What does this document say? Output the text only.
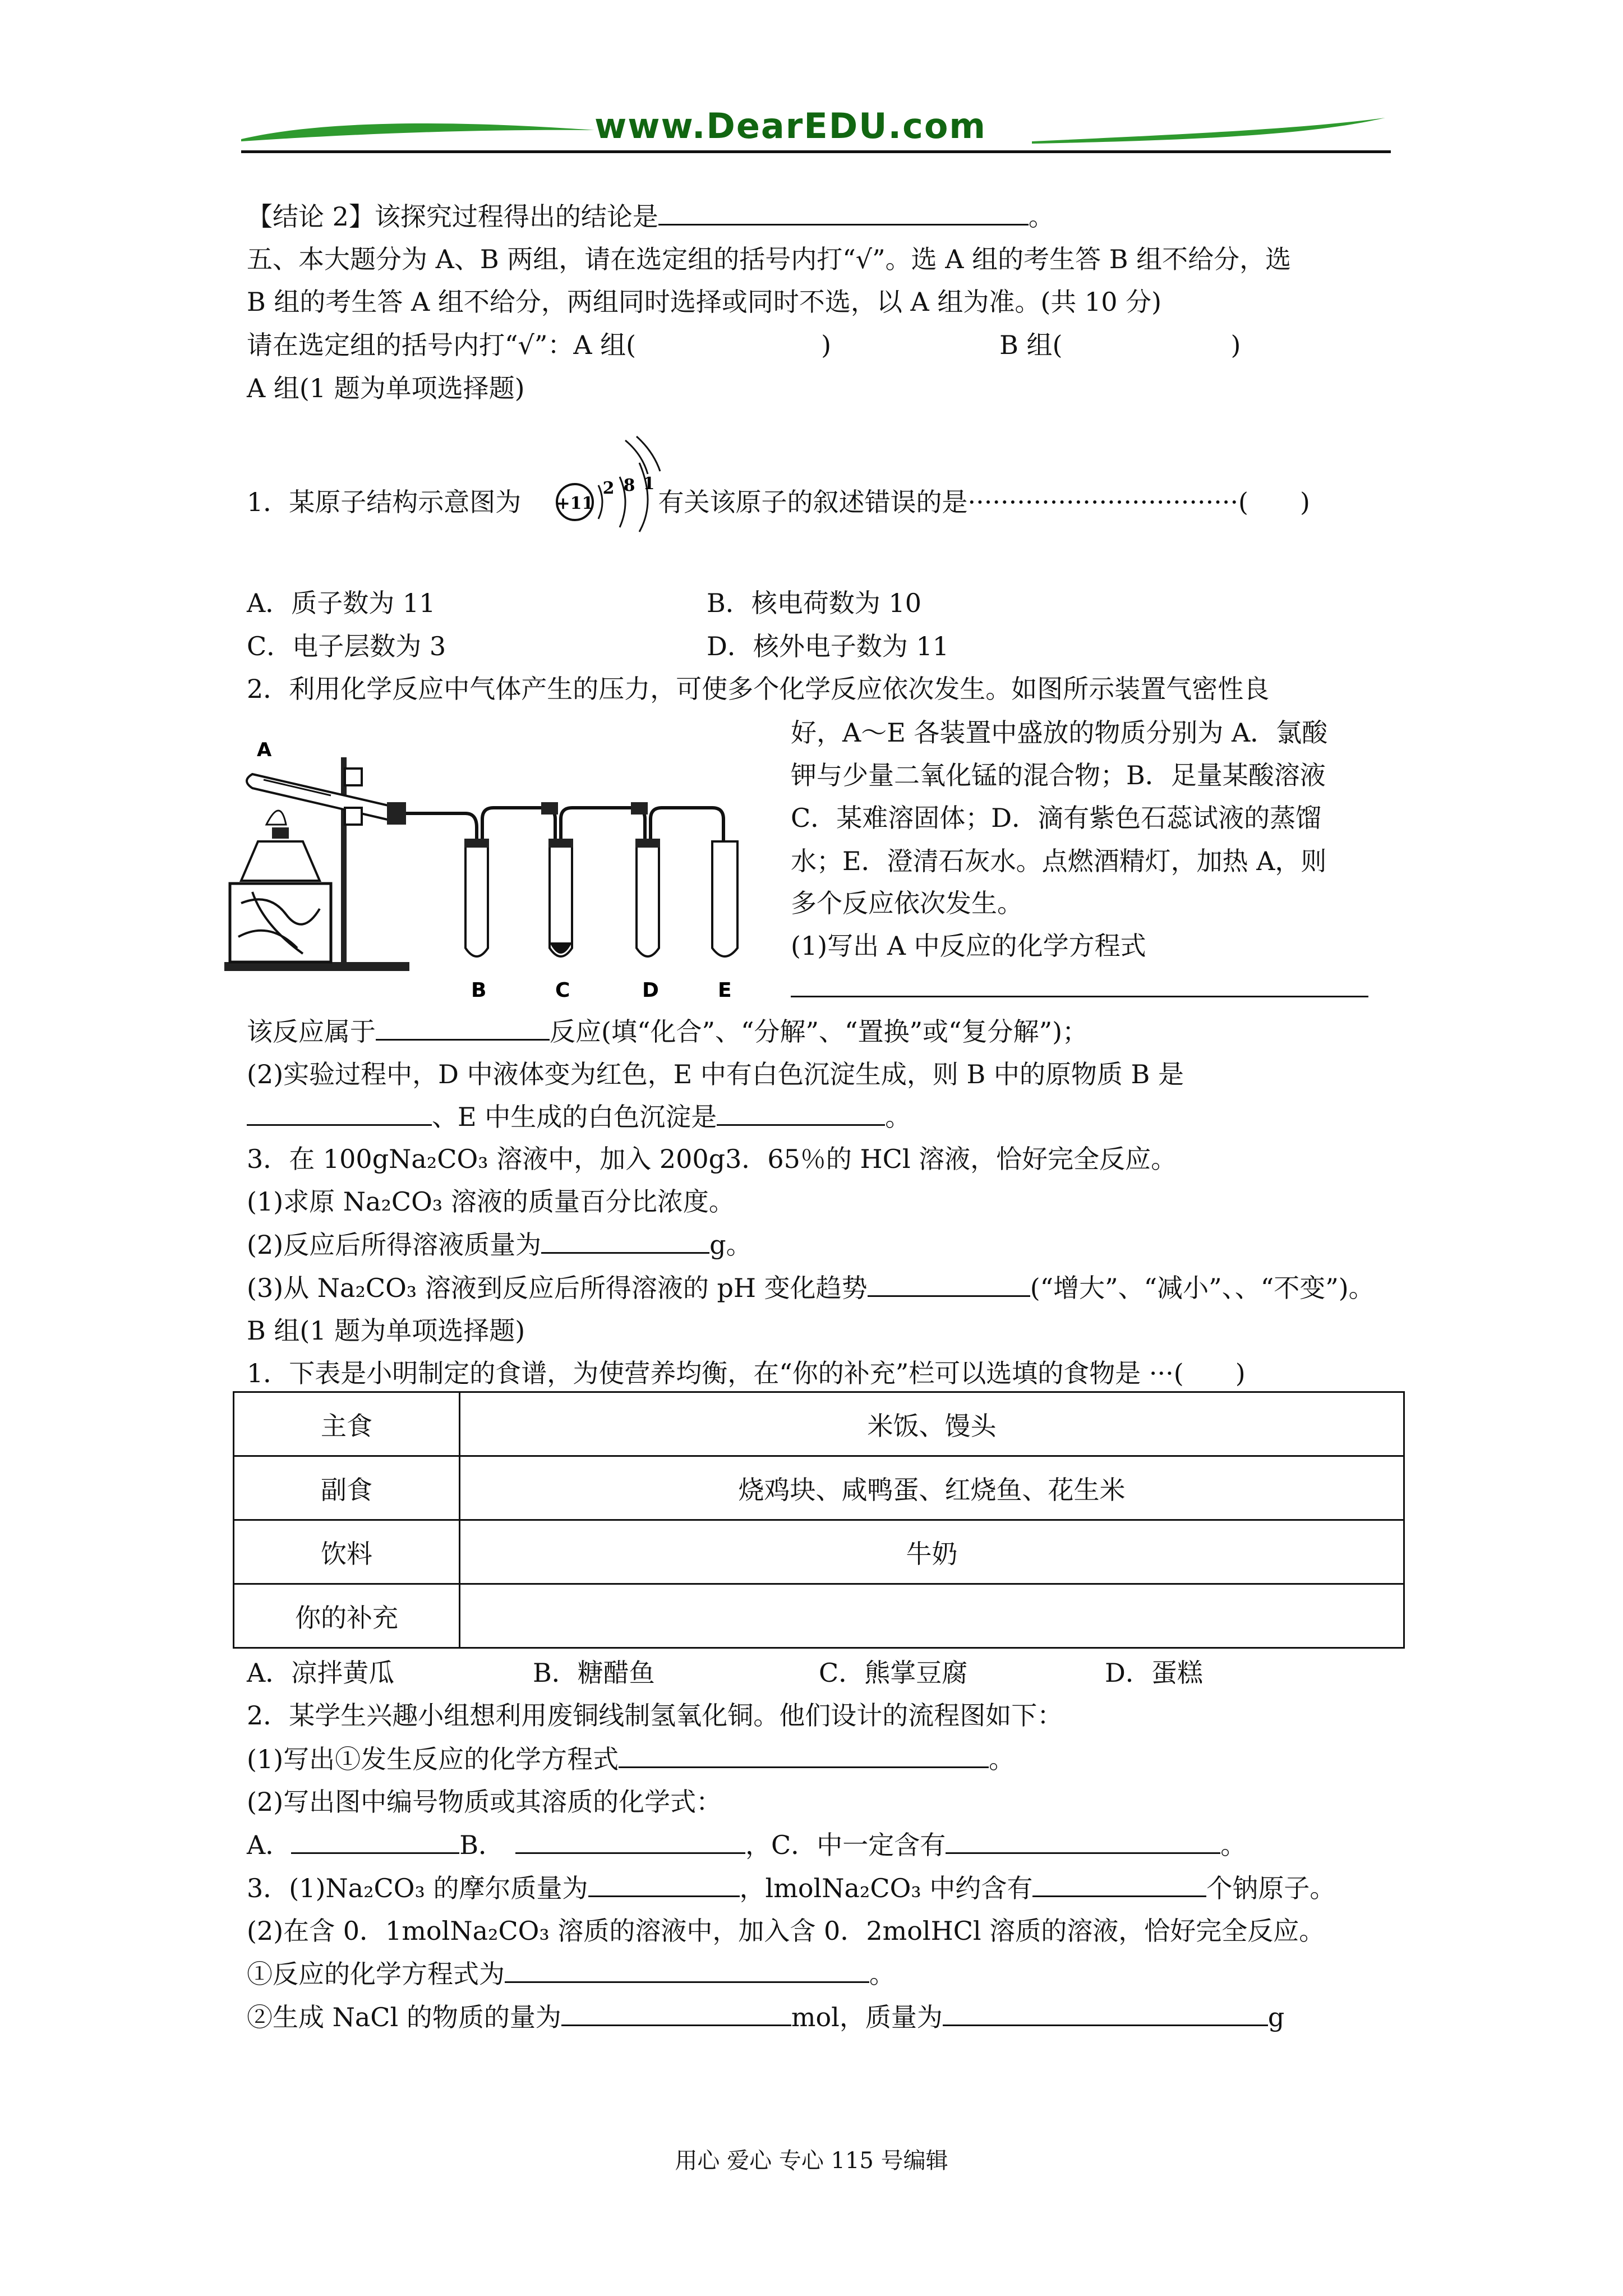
www.DearEDU.com
【结论 2】该探究过程得出的结论是	。
五、本大题分为 A、B 两组，请在选定组的括号内打“√”。选 A 组的考生答 B 组不给分，选
B 组的考生答 A 组不给分，两组同时选择或同时不选，以 A 组为准。(共 10 分)
请在选定组的括号内打“√”：A 组(	)	B 组(	)
A 组(1 题为单项选择题)
1．某原子结构示意图为	有关该原子的叙述错误的是·································(　　)
+11
2 8 1
A．质子数为 11	B．核电荷数为 10
C．电子层数为 3	D．核外电子数为 11
2．利用化学反应中气体产生的压力，可使多个化学反应依次发生。如图所示装置气密性良
好，A～E 各装置中盛放的物质分别为 A．氯酸
钾与少量二氧化锰的混合物；B．足量某酸溶液
C．某难溶固体；D．滴有紫色石蕊试液的蒸馏
水；E．澄清石灰水。点燃酒精灯，加热 A，则
多个反应依次发生。
(1)写出 A 中反应的化学方程式
A
B	C	D	E
该反应属于	反应(填“化合”、“分解”、“置换”或“复分解”)；
(2)实验过程中，D 中液体变为红色，E 中有白色沉淀生成，则 B 中的原物质 B 是
、E 中生成的白色沉淀是	。
3．在 100gNa₂CO₃ 溶液中，加入 200g3．65％的 HCl 溶液，恰好完全反应。
(1)求原 Na₂CO₃ 溶液的质量百分比浓度。
(2)反应后所得溶液质量为	g。
(3)从 Na₂CO₃ 溶液到反应后所得溶液的 pH 变化趋势	(“增大”、“减小”、、“不变”)。
B 组(1 题为单项选择题)
1．下表是小明制定的食谱，为使营养均衡，在“你的补充”栏可以选填的食物是 ···(　　)
主食	米饭、馒头
副食	烧鸡块、咸鸭蛋、红烧鱼、花生米
饮料	牛奶
你的补充	
A．凉拌黄瓜	B．糖醋鱼	C．熊掌豆腐	D．蛋糕
2．某学生兴趣小组想利用废铜线制氢氧化铜。他们设计的流程图如下：
(1)写出①发生反应的化学方程式	。
(2)写出图中编号物质或其溶质的化学式：
A．	B．	，C．中一定含有	。
3．(1)Na₂CO₃ 的摩尔质量为	，lmolNa₂CO₃ 中约含有	个钠原子。
(2)在含 0．1molNa₂CO₃ 溶质的溶液中，加入含 0．2molHCl 溶质的溶液，恰好完全反应。
①反应的化学方程式为	。
②生成 NaCl 的物质的量为	mol，质量为	g
用心 爱心 专心 115 号编辑
